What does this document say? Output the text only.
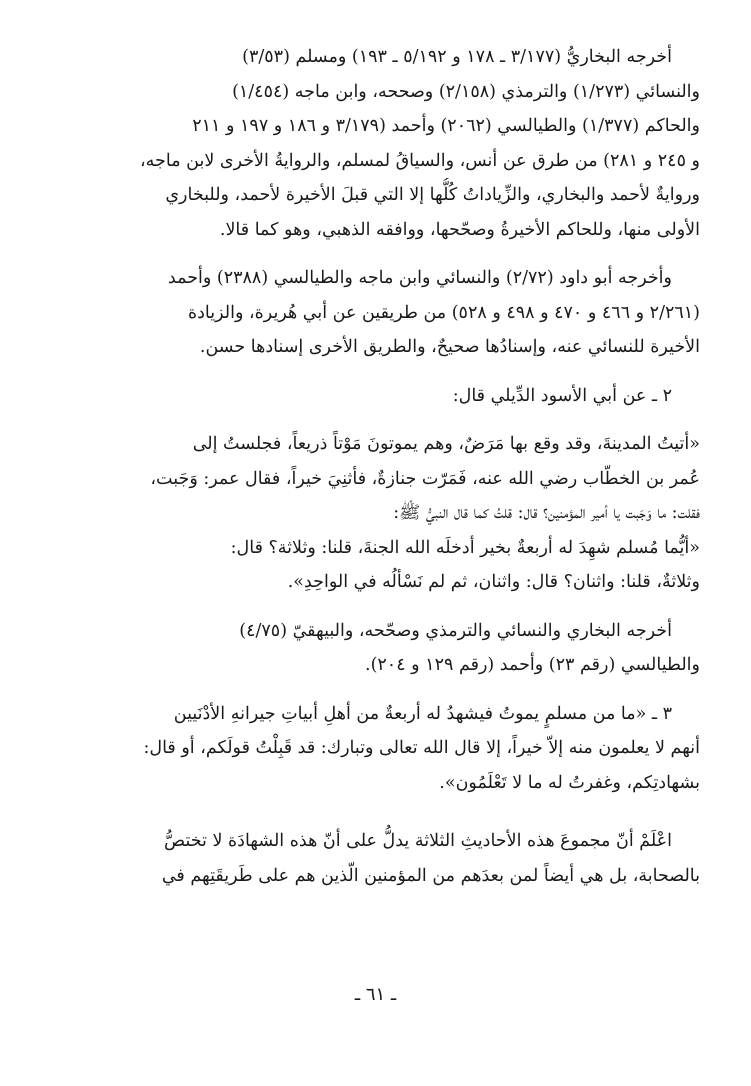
أخرجه البخاريُّ (٣/١٧٧ ـ ١٧٨ و ٥/١٩٢ ـ ١٩٣) ومسلم (٣/٥٣)
والنسائي (١/٢٧٣) والترمذي (٢/١٥٨) وصححه، وابن ماجه (١/٤٥٤)
والحاكم (١/٣٧٧) والطيالسي (٢٠٦٢) وأحمد (٣/١٧٩ و ١٨٦ و ١٩٧ و ٢١١
و ٢٤٥ و ٢٨١) من طرق عن أنس، والسياقُ لمسلم، والروايةُ الأخرى لابن ماجه،
وروايةٌ لأحمد والبخاري، والزِّياداتُ كُلُّها إلا التي قبلَ الأخيرة لأحمد، وللبخاري
الأولى منها، وللحاكم الأخيرةُ وصحّحها، ووافقه الذهبي، وهو كما قالا.

وأخرجه أبو داود (٢/٧٢) والنسائي وابن ماجه والطيالسي (٢٣٨٨) وأحمد
(٢/٢٦١ و ٤٦٦ و ٤٧٠ و ٤٩٨ و ٥٢٨) من طريقين عن أبي هُريرة، والزيادة
الأخيرة للنسائي عنه، وإسنادُها صحيحٌ، والطريق الأخرى إسنادها حسن.

٢ ـ عن أبي الأسود الدِّيلي قال:

«أتيتُ المدينةَ، وقد وقع بها مَرَضٌ، وهم يموتونَ مَوْتاً ذريعاً، فجلستُ إلى
عُمر بن الخطّاب رضي الله عنه، فَمَرّت جنازةٌ، فأثنِيَ خيراً، فقال عمر: وَجَبت،
فقلت: ما وَجَبت يا أمير المؤمنين؟ قال: قلتُ كما قال النبيُّ ﷺ:

«أيُّما مُسلم شهِدَ له أربعةٌ بخير أدخلَه الله الجنةَ، قلنا: وثلاثة؟ قال:
وثلاثةٌ، قلنا: واثنان؟ قال: واثنان، ثم لم نَسْألُه في الواحِدِ».

أخرجه البخاري والنسائي والترمذي وصحّحه، والبيهقيّ (٤/٧٥)
والطيالسي (رقم ٢٣) وأحمد (رقم ١٢٩ و ٢٠٤).

٣ ـ «ما من مسلمٍ يموتُ فيشهدُ له أربعةٌ من أهلِ أبياتِ جيرانهِ الأدْنَيين
أنهم لا يعلمون منه إلاّ خيراً، إلا قال الله تعالى وتبارك: قد قَبِلْتُ قولَكم، أو قال:
بشهادتِكم، وغفرتُ له ما لا تَعْلَمُون».

اعْلَمْ أنّ مجموعَ هذه الأحاديثِ الثلاثة يدلُّ على أنّ هذه الشهادَة لا تختصُّ
بالصحابة، بل هي أيضاً لمن بعدَهم من المؤمنين الّذين هم على طَريقَتِهم في

ـ ٦١ ـ
